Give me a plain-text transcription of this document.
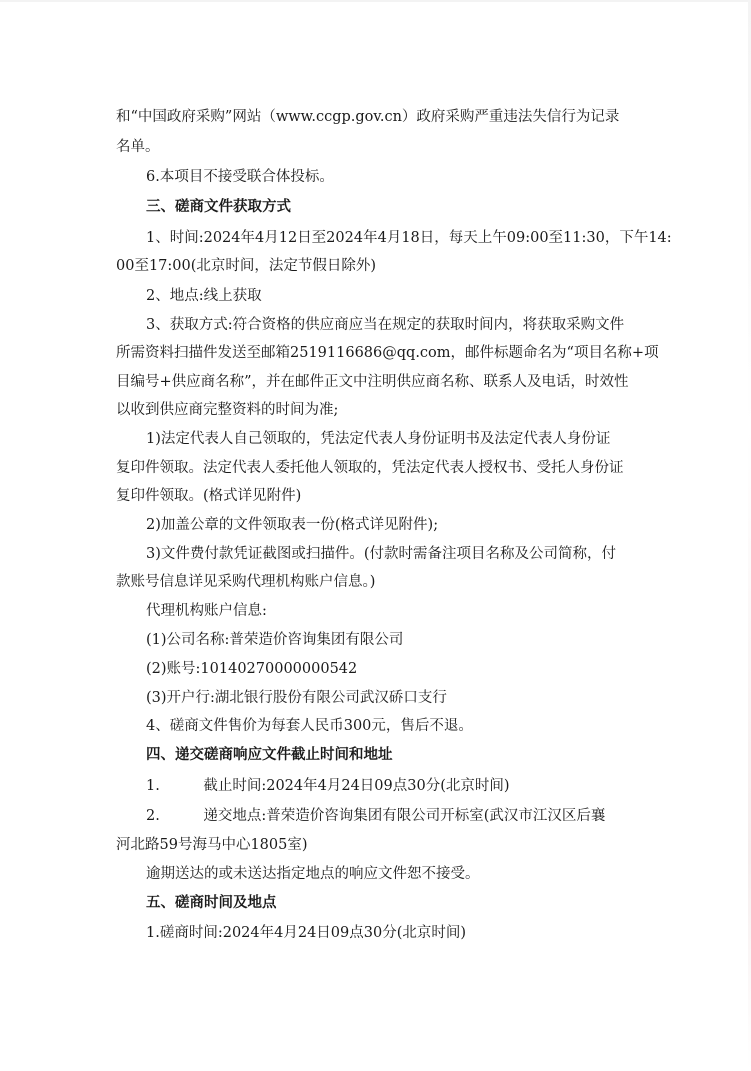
和“中国政府采购”网站（www.ccgp.gov.cn）政府采购严重违法失信行为记录

名单。

6.本项目不接受联合体投标。

三、磋商文件获取方式

1、时间:2024年4月12日至2024年4月18日，每天上午09:00至11:30，下午14:

00至17:00(北京时间，法定节假日除外)

2、地点:线上获取

3、获取方式:符合资格的供应商应当在规定的获取时间内，将获取采购文件

所需资料扫描件发送至邮箱2519116686@qq.com，邮件标题命名为“项目名称+项

目编号+供应商名称”，并在邮件正文中注明供应商名称、联系人及电话，时效性

以收到供应商完整资料的时间为准;

1)法定代表人自己领取的，凭法定代表人身份证明书及法定代表人身份证

复印件领取。法定代表人委托他人领取的，凭法定代表人授权书、受托人身份证

复印件领取。(格式详见附件)

2)加盖公章的文件领取表一份(格式详见附件);

3)文件费付款凭证截图或扫描件。(付款时需备注项目名称及公司简称，付

款账号信息详见采购代理机构账户信息。)

代理机构账户信息:

(1)公司名称:普荣造价咨询集团有限公司

(2)账号:10140270000000542

(3)开户行:湖北银行股份有限公司武汉硚口支行

4、磋商文件售价为每套人民币300元，售后不退。

四、递交磋商响应文件截止时间和地址

1.　　　截止时间:2024年4月24日09点30分(北京时间)

2.　　　递交地点:普荣造价咨询集团有限公司开标室(武汉市江汉区后襄

河北路59号海马中心1805室)

逾期送达的或未送达指定地点的响应文件恕不接受。

五、磋商时间及地点

1.磋商时间:2024年4月24日09点30分(北京时间)
